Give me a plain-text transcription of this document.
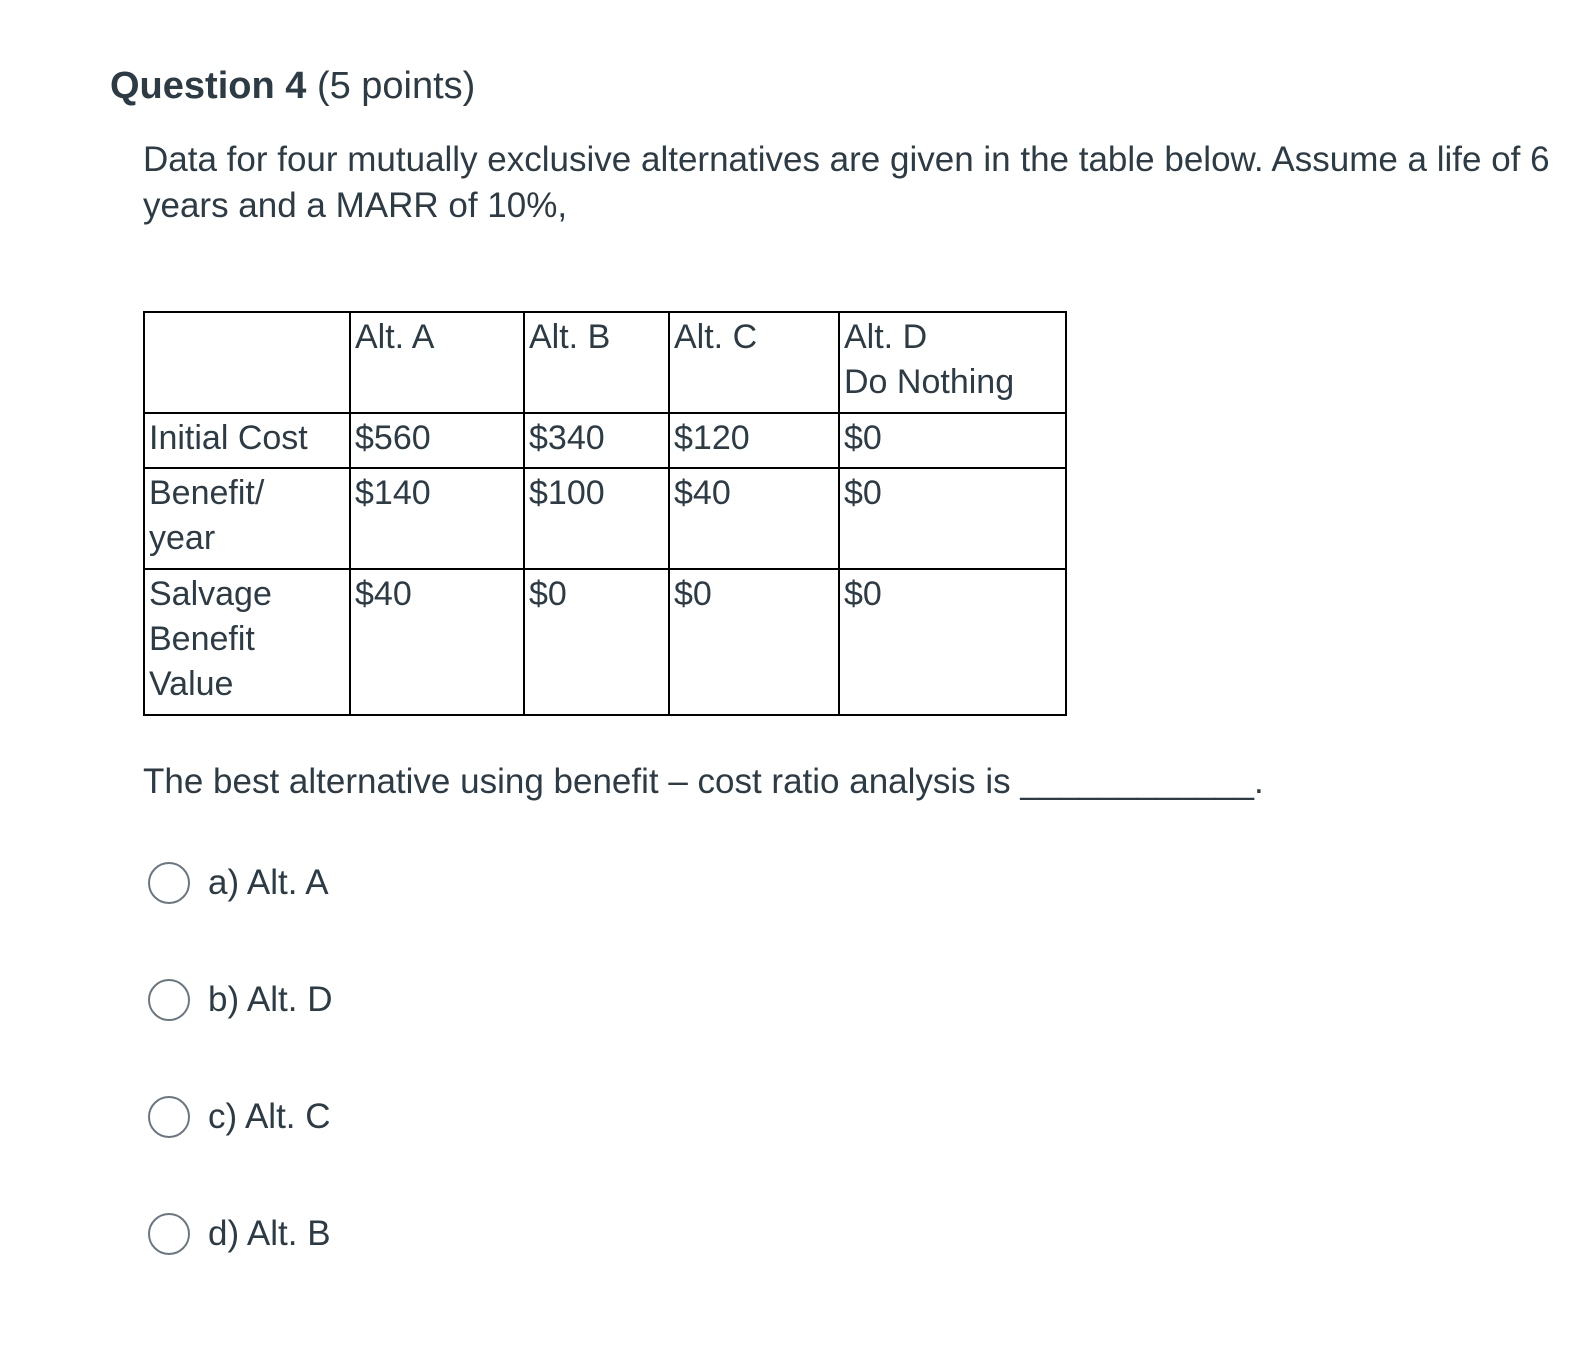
Question 4 (5 points)
Data for four mutually exclusive alternatives are given in the table below. Assume a life of 6 years and a MARR of 10%,

	Alt. A	Alt. B	Alt. C	Alt. D
Do Nothing

Initial Cost	$560	$340	$120	$0

Benefit/
year	$140	$100	$40	$0

Salvage
Benefit
Value	$40	$0	$0	$0
The best alternative using benefit – cost ratio analysis is ____________.
a) Alt. A
b) Alt. D
c) Alt. C
d) Alt. B
